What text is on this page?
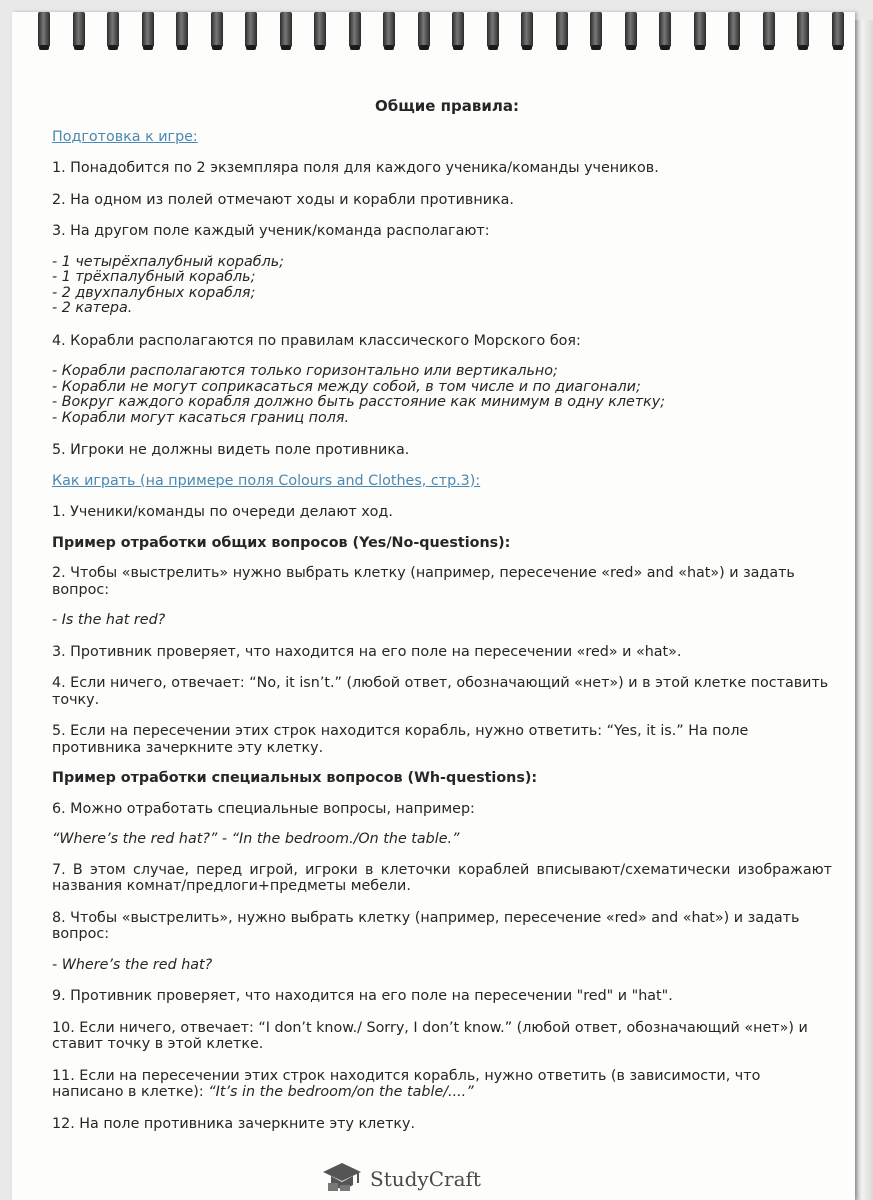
Общие правила:

Подготовка к игре:

1. Понадобится по 2 экземпляра поля для каждого ученика/команды учеников.

2. На одном из полей отмечают ходы и корабли противника.

3. На другом поле каждый ученик/команда располагают:

- 1 четырёхпалубный корабль;
- 1 трёхпалубный корабль;
- 2 двухпалубных корабля;
- 2 катера.

4. Корабли располагаются по правилам классического Морского боя:

- Корабли располагаются только горизонтально или вертикально;
- Корабли не могут соприкасаться между собой, в том числе и по диагонали;
- Вокруг каждого корабля должно быть расстояние как минимум в одну клетку;
- Корабли могут касаться границ поля.

5. Игроки не должны видеть поле противника.

Как играть (на примере поля Colours and Clothes, стр.3):

1. Ученики/команды по очереди делают ход.

Пример отработки общих вопросов (Yes/No-questions):

2. Чтобы «выстрелить» нужно выбрать клетку (например, пересечение «red» and «hat») и задать вопрос:

- Is the hat red?

3. Противник проверяет, что находится на его поле на пересечении «red» и «hat».

4. Если ничего, отвечает: “No, it isn’t.” (любой ответ, обозначающий «нет») и в этой клетке поставить точку.

5. Если на пересечении этих строк находится корабль, нужно ответить: “Yes, it is.” На поле противника зачеркните эту клетку.

Пример отработки специальных вопросов (Wh-questions):

6. Можно отработать специальные вопросы, например:

“Where’s the red hat?” - “In the bedroom./On the table.”

7. В этом случае, перед игрой, игроки в клеточки кораблей вписывают/схематически изображают названия комнат/предлоги+предметы мебели.

8. Чтобы «выстрелить», нужно выбрать клетку (например, пересечение «red» and «hat») и задать вопрос:

- Where’s the red hat?

9. Противник проверяет, что находится на его поле на пересечении "red" и "hat".

10. Если ничего, отвечает: “I don’t know./ Sorry, I don’t know.” (любой ответ, обозначающий «нет») и ставит точку в этой клетке.

11. Если на пересечении этих строк находится корабль, нужно ответить (в зависимости, что написано в клетке): “It’s in the bedroom/on the table/....”

12. На поле противника зачеркните эту клетку.

StudyCraft
